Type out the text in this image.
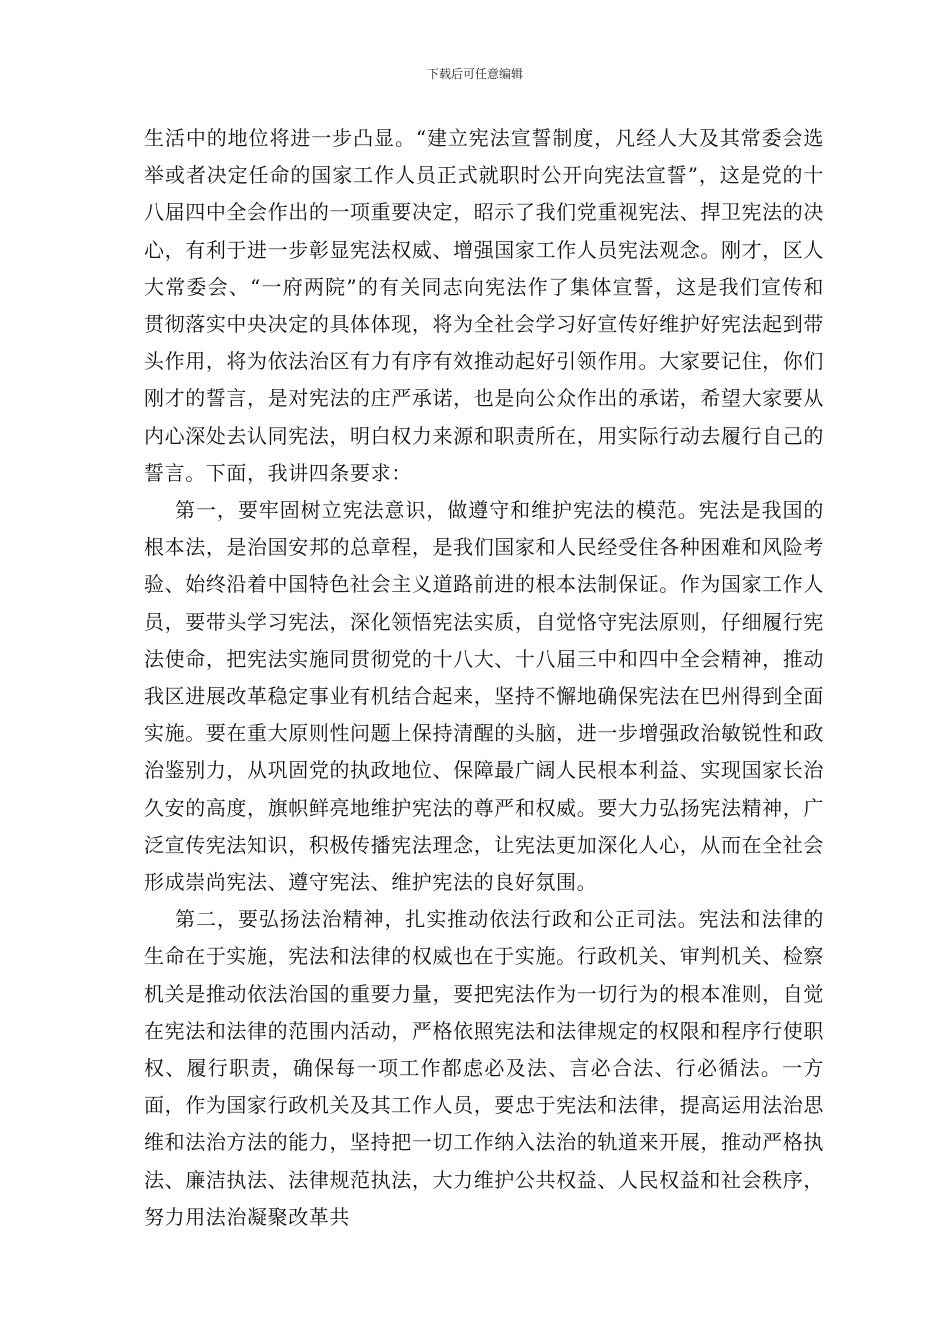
下载后可任意编辑

生活中的地位将进一步凸显。“建立宪法宣誓制度，凡经人大及其常委会选举或者决定任命的国家工作人员正式就职时公开向宪法宣誓”，这是党的十八届四中全会作出的一项重要决定，昭示了我们党重视宪法、捍卫宪法的决心，有利于进一步彰显宪法权威、增强国家工作人员宪法观念。刚才，区人大常委会、“一府两院”的有关同志向宪法作了集体宣誓，这是我们宣传和贯彻落实中央决定的具体体现，将为全社会学习好宣传好维护好宪法起到带头作用，将为依法治区有力有序有效推动起好引领作用。大家要记住，你们刚才的誓言，是对宪法的庄严承诺，也是向公众作出的承诺，希望大家要从内心深处去认同宪法，明白权力来源和职责所在，用实际行动去履行自己的誓言。下面，我讲四条要求：

第一，要牢固树立宪法意识，做遵守和维护宪法的模范。宪法是我国的根本法，是治国安邦的总章程，是我们国家和人民经受住各种困难和风险考验、始终沿着中国特色社会主义道路前进的根本法制保证。作为国家工作人员，要带头学习宪法，深化领悟宪法实质，自觉恪守宪法原则，仔细履行宪法使命，把宪法实施同贯彻党的十八大、十八届三中和四中全会精神，推动我区进展改革稳定事业有机结合起来，坚持不懈地确保宪法在巴州得到全面实施。要在重大原则性问题上保持清醒的头脑，进一步增强政治敏锐性和政治鉴别力，从巩固党的执政地位、保障最广阔人民根本利益、实现国家长治久安的高度，旗帜鲜亮地维护宪法的尊严和权威。要大力弘扬宪法精神，广泛宣传宪法知识，积极传播宪法理念，让宪法更加深化人心，从而在全社会形成崇尚宪法、遵守宪法、维护宪法的良好氛围。

第二，要弘扬法治精神，扎实推动依法行政和公正司法。宪法和法律的生命在于实施，宪法和法律的权威也在于实施。行政机关、审判机关、检察机关是推动依法治国的重要力量，要把宪法作为一切行为的根本准则，自觉在宪法和法律的范围内活动，严格依照宪法和法律规定的权限和程序行使职权、履行职责，确保每一项工作都虑必及法、言必合法、行必循法。一方面，作为国家行政机关及其工作人员，要忠于宪法和法律，提高运用法治思维和法治方法的能力，坚持把一切工作纳入法治的轨道来开展，推动严格执法、廉洁执法、法律规范执法，大力维护公共权益、人民权益和社会秩序，努力用法治凝聚改革共
